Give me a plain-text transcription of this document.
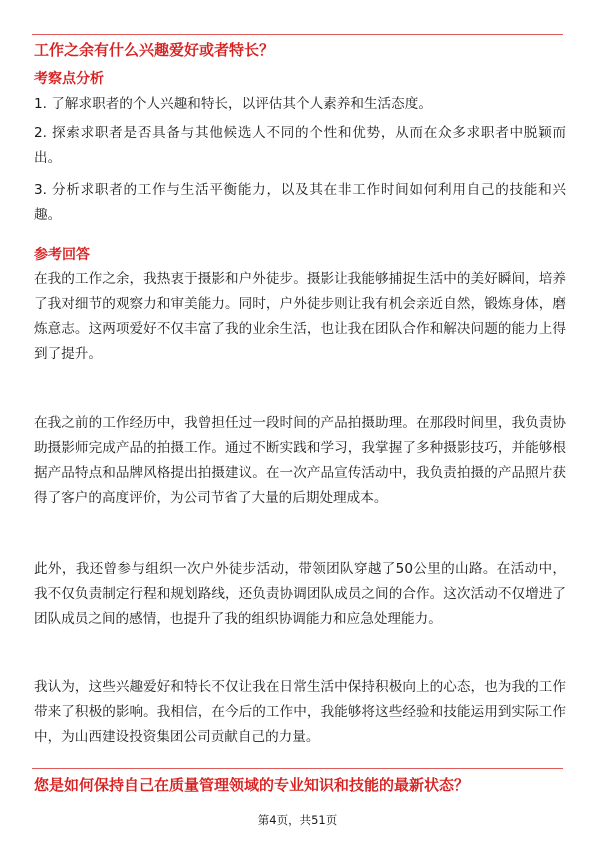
工作之余有什么兴趣爱好或者特长？
考察点分析
1. 了解求职者的个人兴趣和特长，以评估其个人素养和生活态度。
2. 探索求职者是否具备与其他候选人不同的个性和优势，从而在众多求职者中脱颖而出。
3. 分析求职者的工作与生活平衡能力，以及其在非工作时间如何利用自己的技能和兴趣。
参考回答
在我的工作之余，我热衷于摄影和户外徒步。摄影让我能够捕捉生活中的美好瞬间，培养了我对细节的观察力和审美能力。同时，户外徒步则让我有机会亲近自然，锻炼身体，磨炼意志。这两项爱好不仅丰富了我的业余生活，也让我在团队合作和解决问题的能力上得到了提升。
在我之前的工作经历中，我曾担任过一段时间的产品拍摄助理。在那段时间里，我负责协助摄影师完成产品的拍摄工作。通过不断实践和学习，我掌握了多种摄影技巧，并能够根据产品特点和品牌风格提出拍摄建议。在一次产品宣传活动中，我负责拍摄的产品照片获得了客户的高度评价，为公司节省了大量的后期处理成本。
此外，我还曾参与组织一次户外徒步活动，带领团队穿越了50公里的山路。在活动中，我不仅负责制定行程和规划路线，还负责协调团队成员之间的合作。这次活动不仅增进了团队成员之间的感情，也提升了我的组织协调能力和应急处理能力。
我认为，这些兴趣爱好和特长不仅让我在日常生活中保持积极向上的心态，也为我的工作带来了积极的影响。我相信，在今后的工作中，我能够将这些经验和技能运用到实际工作中，为山西建设投资集团公司贡献自己的力量。
您是如何保持自己在质量管理领域的专业知识和技能的最新状态？
第4页，共51页
